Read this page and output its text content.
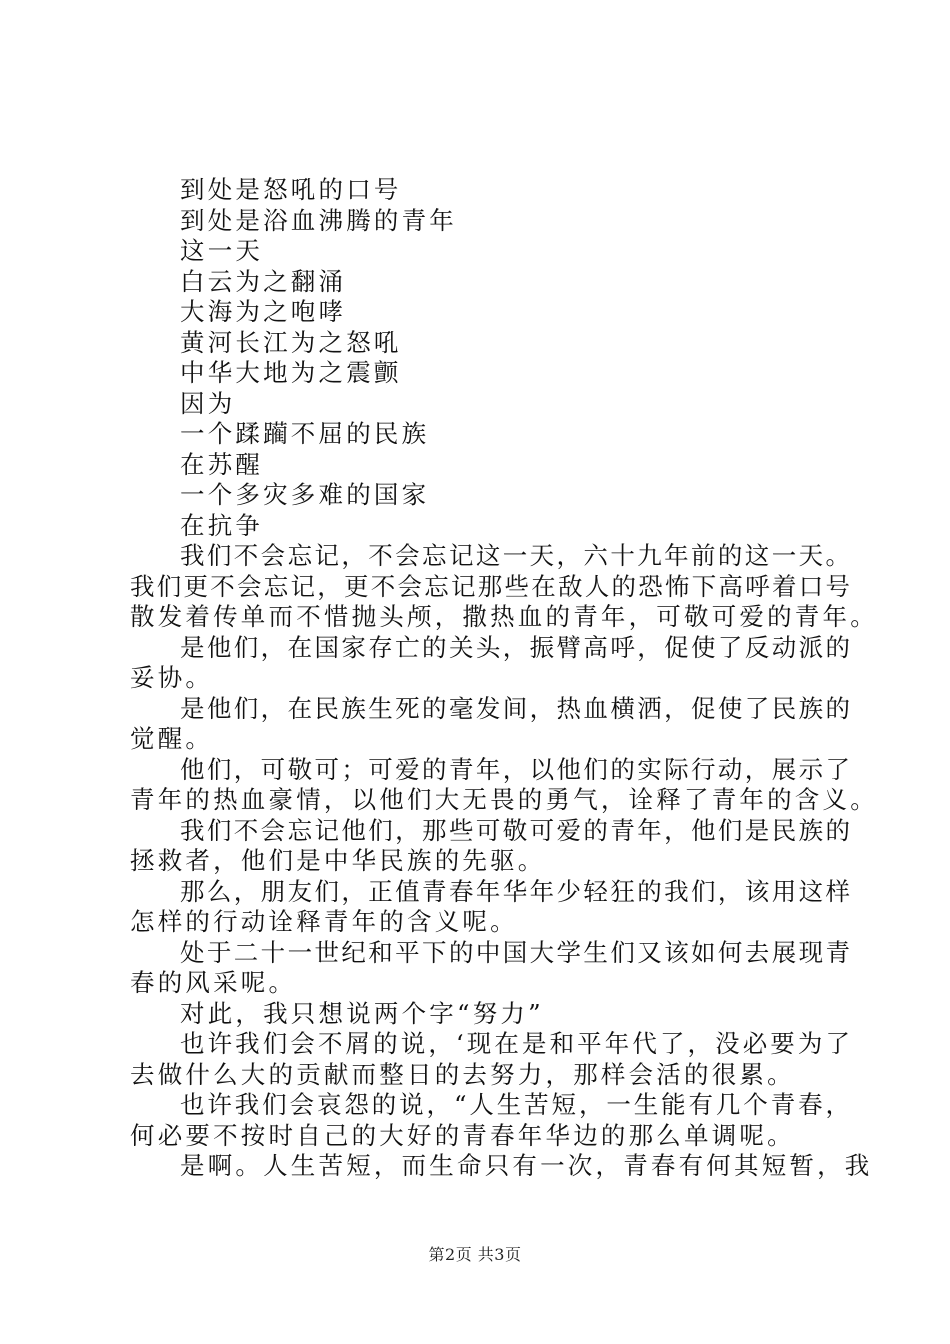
到处是怒吼的口号
到处是浴血沸腾的青年
这一天
白云为之翻涌
大海为之咆哮
黄河长江为之怒吼
中华大地为之震颤
因为
一个蹂躏不屈的民族
在苏醒
一个多灾多难的国家
在抗争
我们不会忘记，不会忘记这一天，六十九年前的这一天。
我们更不会忘记，更不会忘记那些在敌人的恐怖下高呼着口号
散发着传单而不惜抛头颅，撒热血的青年，可敬可爱的青年。
是他们，在国家存亡的关头，振臂高呼，促使了反动派的
妥协。
是他们，在民族生死的毫发间，热血横洒，促使了民族的
觉醒。
他们，可敬可；可爱的青年，以他们的实际行动，展示了
青年的热血豪情，以他们大无畏的勇气，诠释了青年的含义。
我们不会忘记他们，那些可敬可爱的青年，他们是民族的
拯救者，他们是中华民族的先驱。
那么，朋友们，正值青春年华年少轻狂的我们，该用这样
怎样的行动诠释青年的含义呢。
处于二十一世纪和平下的中国大学生们又该如何去展现青
春的风采呢。
对此，我只想说两个字“努力”
也许我们会不屑的说，‘现在是和平年代了，没必要为了
去做什么大的贡献而整日的去努力，那样会活的很累。
也许我们会哀怨的说，“人生苦短，一生能有几个青春，
何必要不按时自己的大好的青春年华边的那么单调呢。
是啊。人生苦短，而生命只有一次，青春有何其短暂，我
第2页 共3页
